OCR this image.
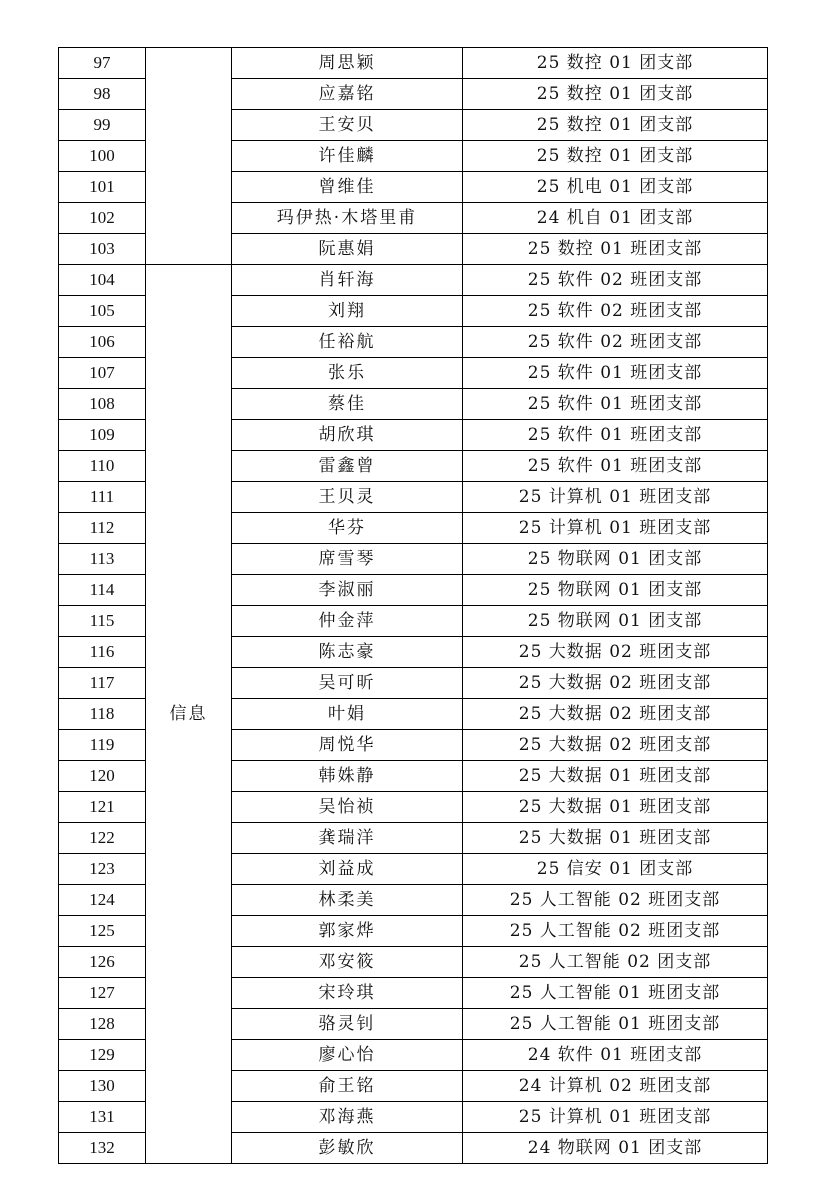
97		周思颖	25 数控 01 团支部
98		应嘉铭	25 数控 01 团支部
99		王安贝	25 数控 01 团支部
100		许佳麟	25 数控 01 团支部
101		曾维佳	25 机电 01 团支部
102		玛伊热·木塔里甫	24 机自 01 团支部
103		阮惠娟	25 数控 01 班团支部
104	信息	肖轩海	25 软件 02 班团支部
105		刘翔	25 软件 02 班团支部
106		任裕航	25 软件 02 班团支部
107		张乐	25 软件 01 班团支部
108		蔡佳	25 软件 01 班团支部
109		胡欣琪	25 软件 01 班团支部
110		雷鑫曾	25 软件 01 班团支部
111		王贝灵	25 计算机 01 班团支部
112		华芬	25 计算机 01 班团支部
113		席雪琴	25 物联网 01 团支部
114		李淑丽	25 物联网 01 团支部
115		仲金萍	25 物联网 01 团支部
116		陈志豪	25 大数据 02 班团支部
117		吴可昕	25 大数据 02 班团支部
118		叶娟	25 大数据 02 班团支部
119		周悦华	25 大数据 02 班团支部
120		韩姝静	25 大数据 01 班团支部
121		吴怡祯	25 大数据 01 班团支部
122		龚瑞洋	25 大数据 01 班团支部
123		刘益成	25 信安 01 团支部
124		林柔美	25 人工智能 02 班团支部
125		郭家烨	25 人工智能 02 班团支部
126		邓安筱	25 人工智能 02 团支部
127		宋玲琪	25 人工智能 01 班团支部
128		骆灵钊	25 人工智能 01 班团支部
129		廖心怡	24 软件 01 班团支部
130		俞王铭	24 计算机 02 班团支部
131		邓海燕	25 计算机 01 班团支部
132		彭敏欣	24 物联网 01 团支部
